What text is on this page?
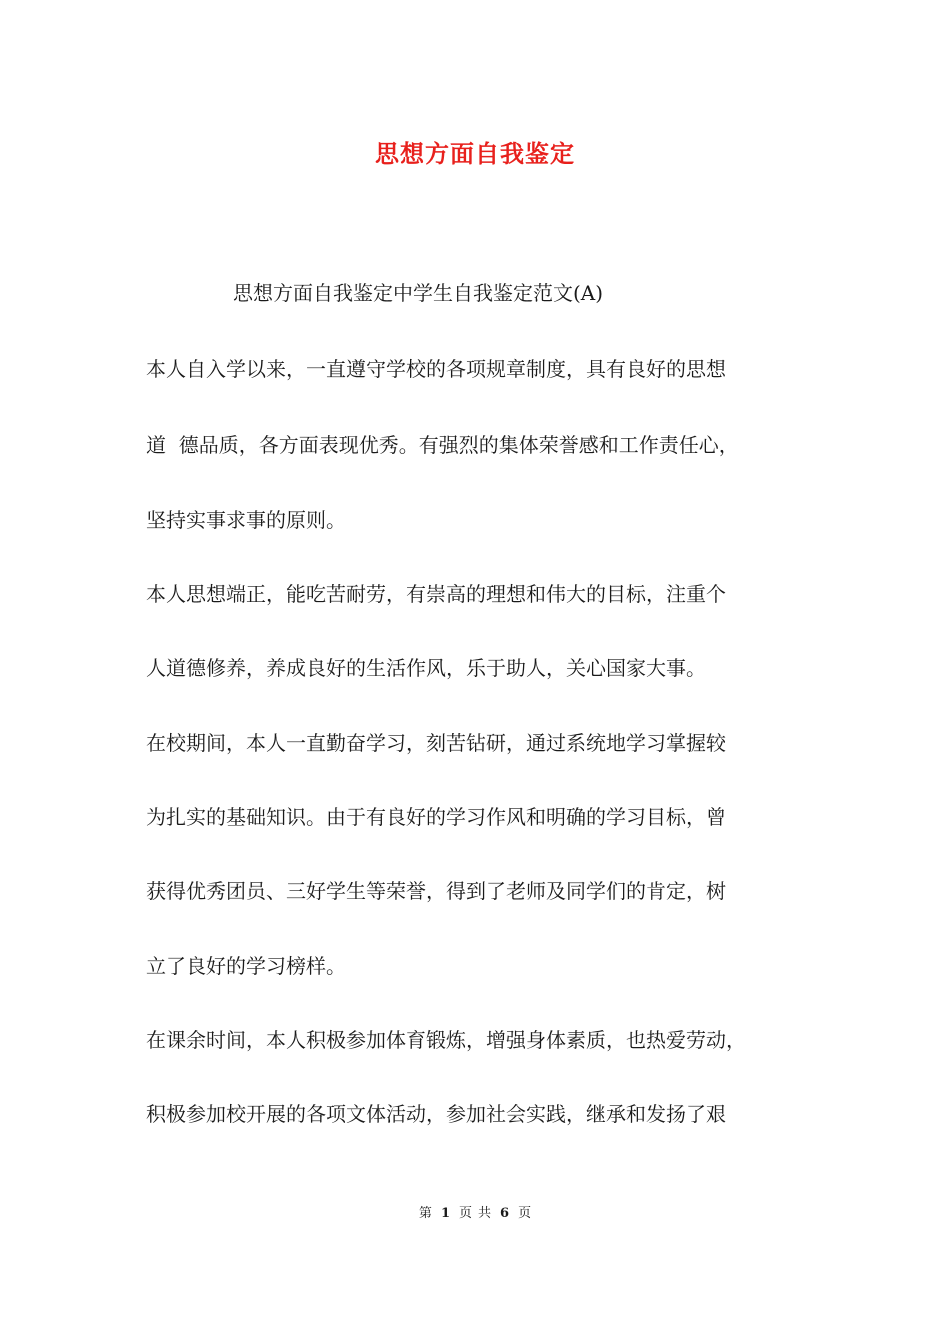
思想方面自我鉴定
思想方面自我鉴定中学生自我鉴定范文(A)
本人自入学以来，一直遵守学校的各项规章制度，具有良好的思想
道  德品质，各方面表现优秀。有强烈的集体荣誉感和工作责任心，
坚持实事求事的原则。
本人思想端正，能吃苦耐劳，有崇高的理想和伟大的目标，注重个
人道德修养，养成良好的生活作风，乐于助人，关心国家大事。
在校期间，本人一直勤奋学习，刻苦钻研，通过系统地学习掌握较
为扎实的基础知识。由于有良好的学习作风和明确的学习目标，曾
获得优秀团员、三好学生等荣誉，得到了老师及同学们的肯定，树
立了良好的学习榜样。
在课余时间，本人积极参加体育锻炼，增强身体素质，也热爱劳动，
积极参加校开展的各项文体活动，参加社会实践，继承和发扬了艰
第 1 页 共 6 页
